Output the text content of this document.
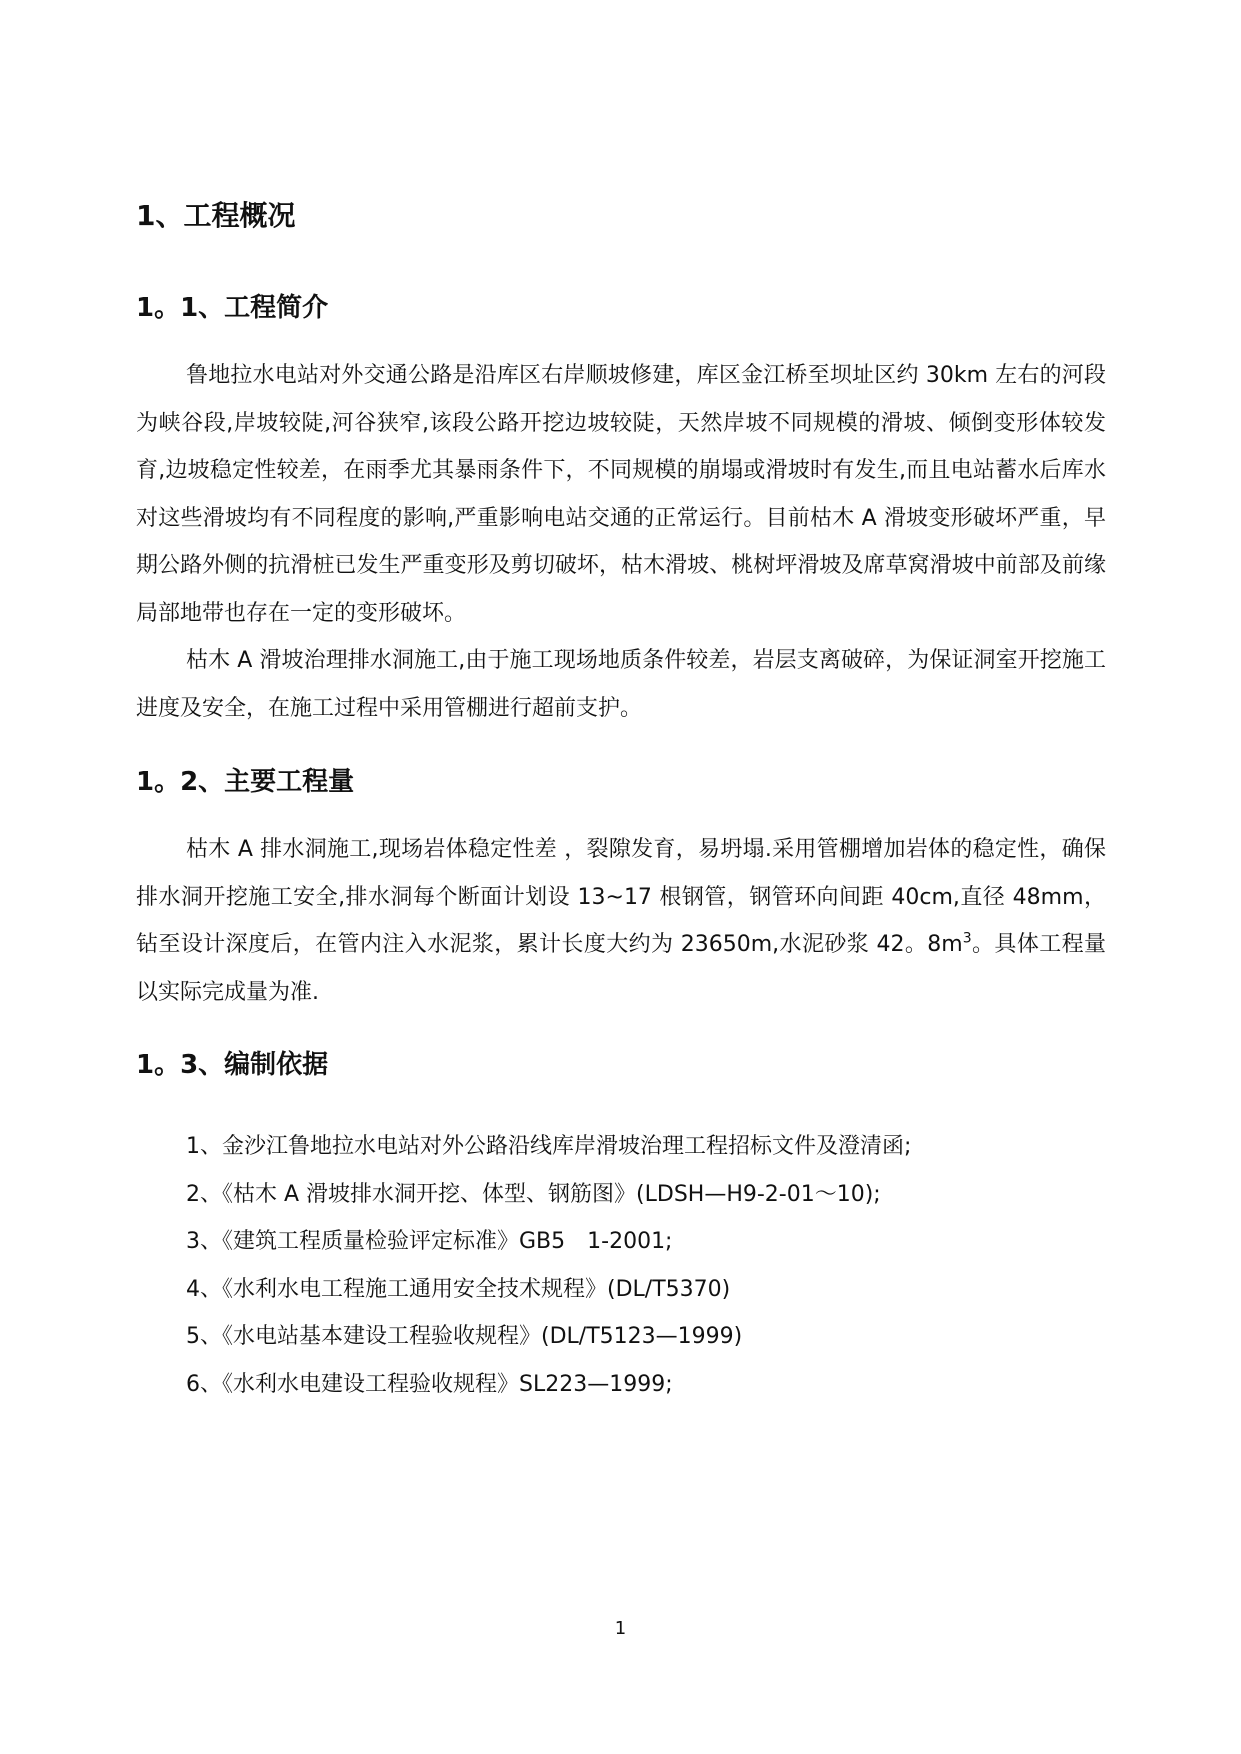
1、工程概况
1。1、工程简介

鲁地拉水电站对外交通公路是沿库区右岸顺坡修建，库区金江桥至坝址区约 30km 左右的河段为峡谷段,岸坡较陡,河谷狭窄,该段公路开挖边坡较陡，天然岸坡不同规模的滑坡、倾倒变形体较发育,边坡稳定性较差，在雨季尤其暴雨条件下，不同规模的崩塌或滑坡时有发生,而且电站蓄水后库水对这些滑坡均有不同程度的影响,严重影响电站交通的正常运行。目前枯木 A 滑坡变形破坏严重，早期公路外侧的抗滑桩已发生严重变形及剪切破坏，枯木滑坡、桃树坪滑坡及席草窝滑坡中前部及前缘局部地带也存在一定的变形破坏。

枯木 A 滑坡治理排水洞施工,由于施工现场地质条件较差，岩层支离破碎，为保证洞室开挖施工进度及安全，在施工过程中采用管棚进行超前支护。

1。2、主要工程量

枯木 A 排水洞施工,现场岩体稳定性差 ，裂隙发育，易坍塌.采用管棚增加岩体的稳定性，确保排水洞开挖施工安全,排水洞每个断面计划设 13~17 根钢管，钢管环向间距 40cm,直径 48mm，钻至设计深度后，在管内注入水泥浆，累计长度大约为 23650m,水泥砂浆 42。$8m^3$。具体工程量以实际完成量为准.

1。3、编制依据
1、金沙江鲁地拉水电站对外公路沿线库岸滑坡治理工程招标文件及澄清函;
2、《枯木 A 滑坡排水洞开挖、体型、钢筋图》(LDSH—H9-2-01～10);
3、《建筑工程质量检验评定标准》GB5　1-2001;
4、《水利水电工程施工通用安全技术规程》(DL/T5370)
5、《水电站基本建设工程验收规程》(DL/T5123—1999)
6、《水利水电建设工程验收规程》SL223—1999;
1
